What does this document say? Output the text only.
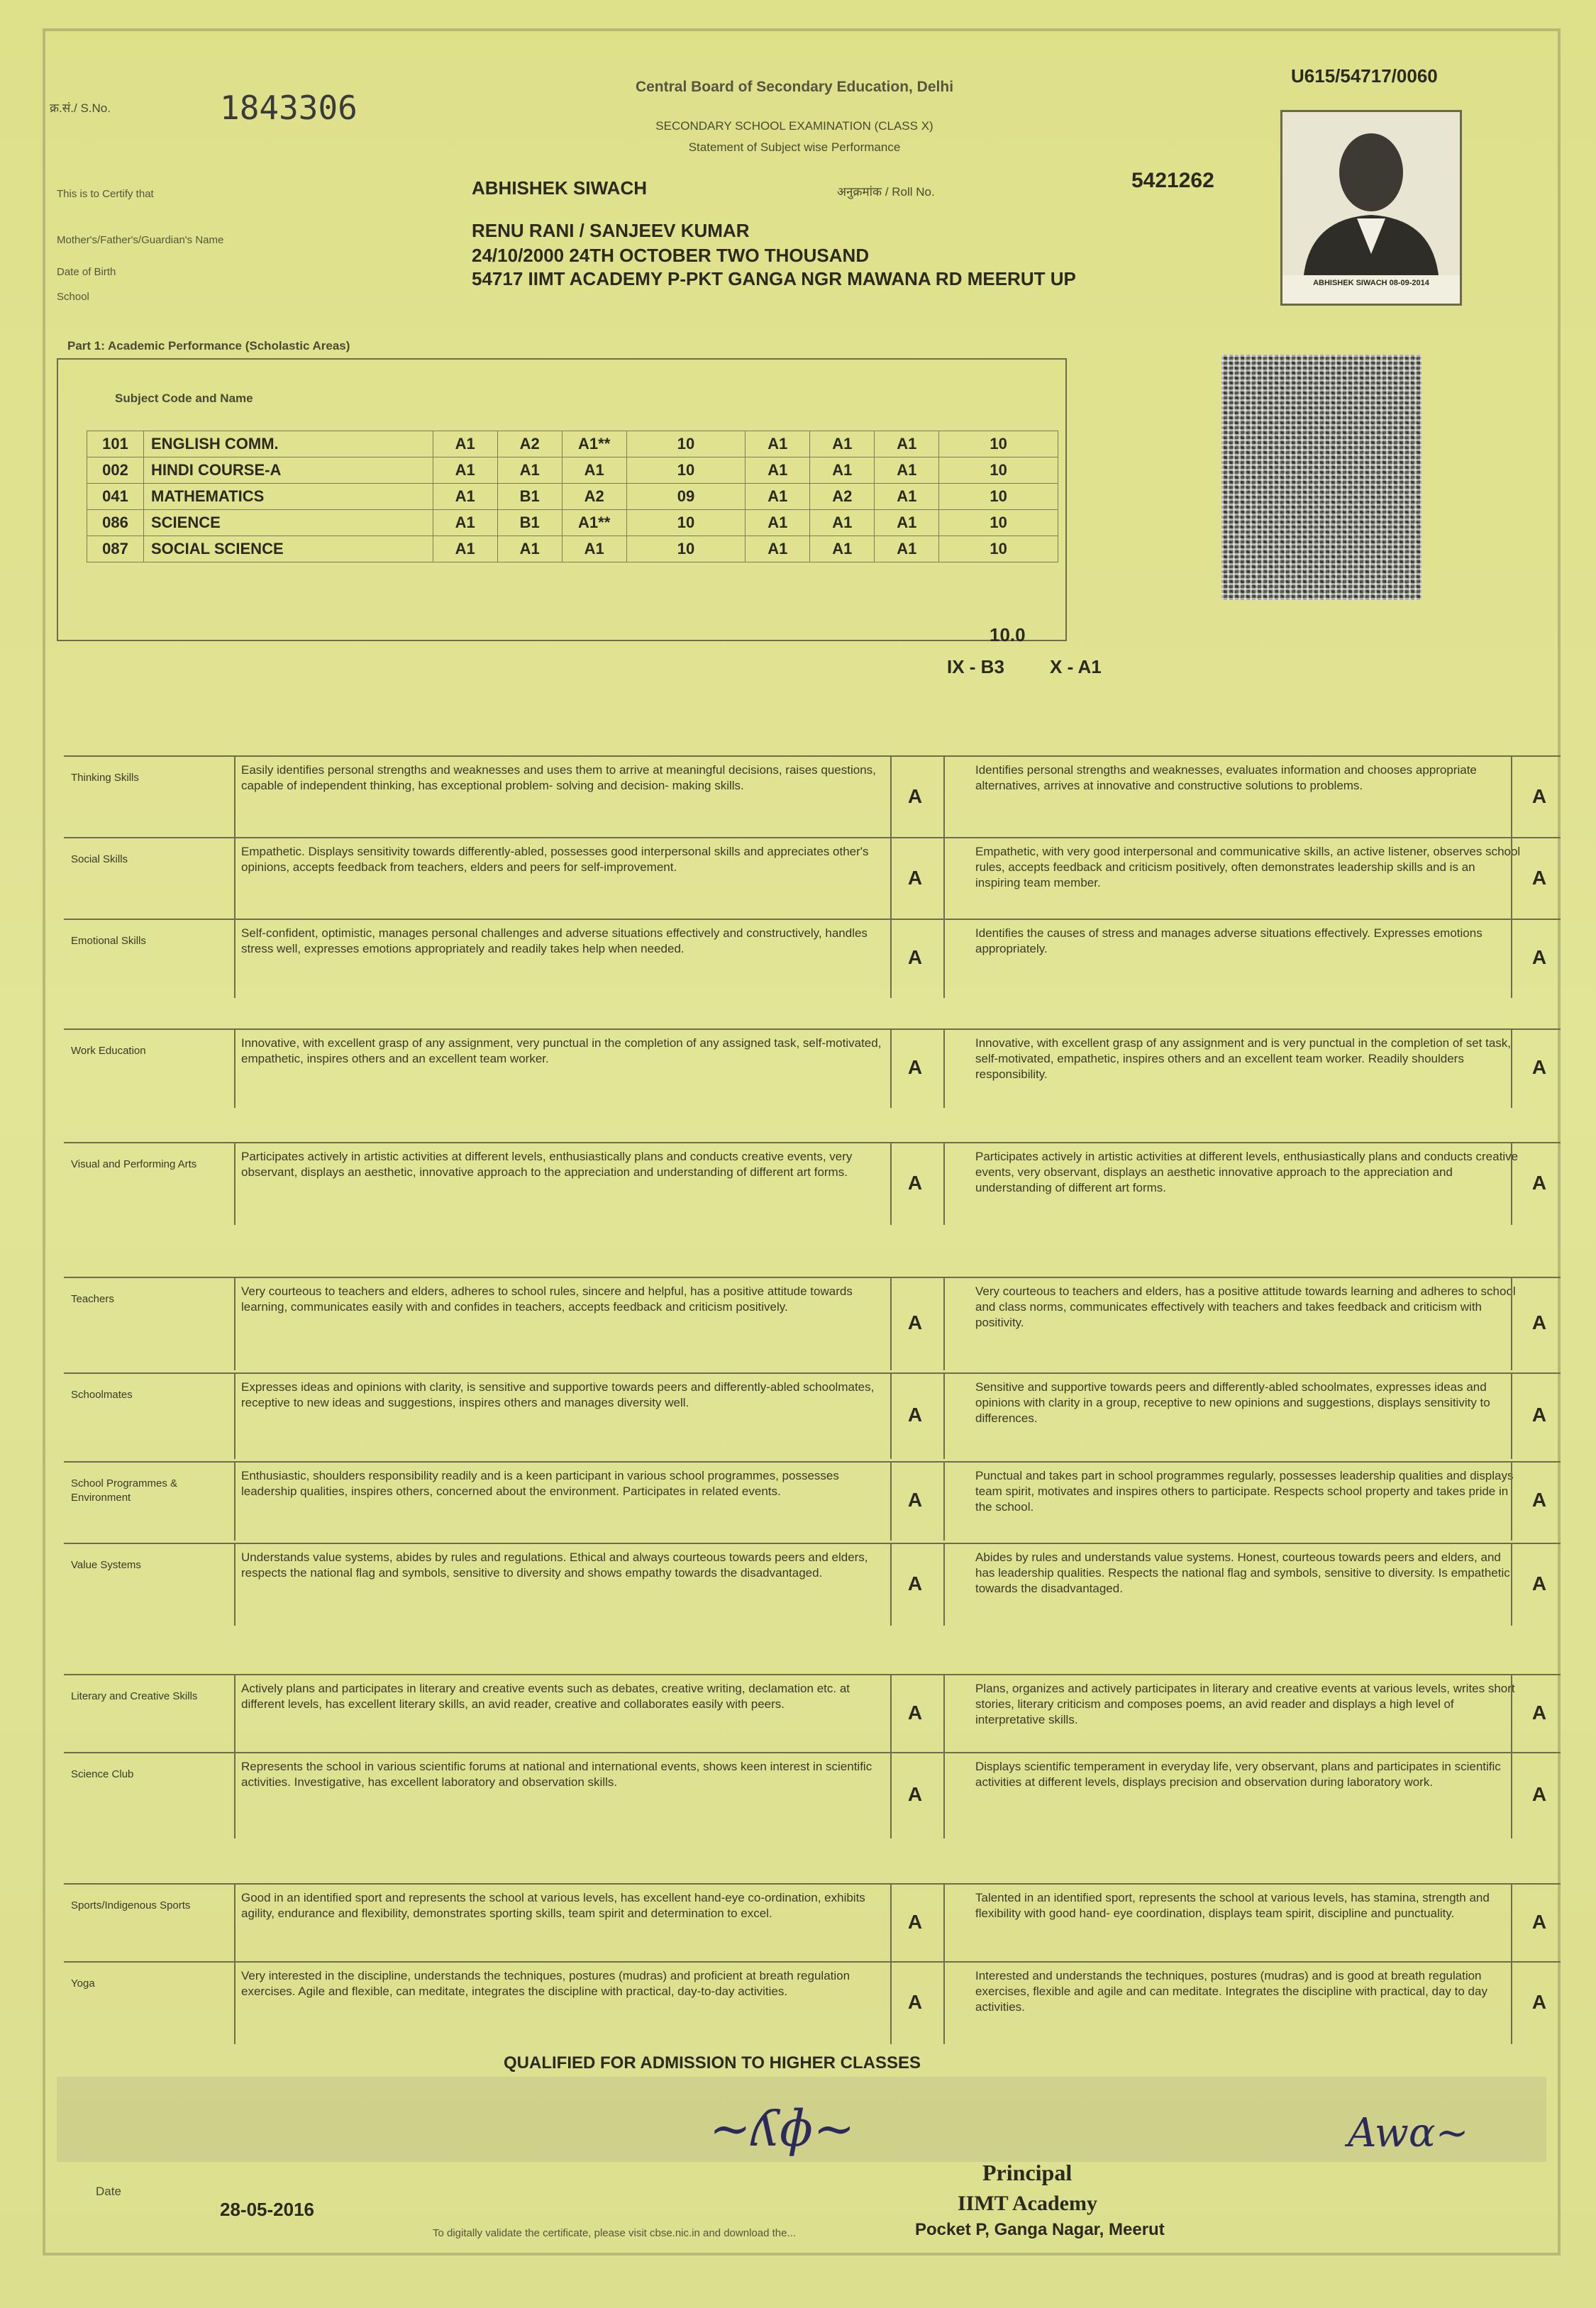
क्र.सं./ S.No.	1843306
Central Board of Secondary Education, Delhi
SECONDARY SCHOOL EXAMINATION (CLASS X)
Statement of Subject wise Performance
U615/54717/0060
This is to Certify that	ABHISHEK SIWACH	अनुक्रमांक / Roll No.	5421262
Mother's/Father's/Guardian's Name	RENU RANI / SANJEEV KUMAR
Date of Birth
24/10/2000 24TH OCTOBER TWO THOUSAND
School
54717 IIMT ACADEMY P-PKT GANGA NGR MAWANA RD MEERUT UP	ABHISHEK SIWACH 08-09-2014
Part 1: Academic Performance (Scholastic Areas)
Subject Code and Name
101	ENGLISH COMM.	A1	A2	A1**	10	A1	A1	A1	10
002	HINDI COURSE-A	A1	A1	A1	10	A1	A1	A1	10
041	MATHEMATICS	A1	B1	A2	09	A1	A2	A1	10
086	SCIENCE	A1	B1	A1**	10	A1	A1	A1	10
087	SOCIAL SCIENCE	A1	A1	A1	10	A1	A1	A1	10
10.0
IX - B3 X - A1
Thinking Skills
Easily identifies personal strengths and weaknesses and uses them to arrive at meaningful decisions, raises questions, capable of independent thinking, has exceptional problem- solving and decision- making skills.	A
Identifies personal strengths and weaknesses, evaluates information and chooses appropriate alternatives, arrives at innovative and constructive solutions to problems.	A
Social Skills
Empathetic. Displays sensitivity towards differently-abled, possesses good interpersonal skills and appreciates other's opinions, accepts feedback from teachers, elders and peers for self-improvement.	A
Empathetic, with very good interpersonal and communicative skills, an active listener, observes school rules, accepts feedback and criticism positively, often demonstrates leadership skills and is an inspiring team member.	A
Emotional Skills
Self-confident, optimistic, manages personal challenges and adverse situations effectively and constructively, handles stress well, expresses emotions appropriately and readily takes help when needed.	A
Identifies the causes of stress and manages adverse situations effectively. Expresses emotions appropriately.	A
Work Education
Innovative, with excellent grasp of any assignment, very punctual in the completion of any assigned task, self-motivated, empathetic, inspires others and an excellent team worker.	A
Innovative, with excellent grasp of any assignment and is very punctual in the completion of set task, self-motivated, empathetic, inspires others and an excellent team worker. Readily shoulders responsibility.	A
Visual and Performing Arts
Participates actively in artistic activities at different levels, enthusiastically plans and conducts creative events, very observant, displays an aesthetic, innovative approach to the appreciation and understanding of different art forms.	A
Participates actively in artistic activities at different levels, enthusiastically plans and conducts creative events, very observant, displays an aesthetic innovative approach to the appreciation and understanding of different art forms.	A
Teachers
Very courteous to teachers and elders, adheres to school rules, sincere and helpful, has a positive attitude towards learning, communicates easily with and confides in teachers, accepts feedback and criticism positively.
A
Very courteous to teachers and elders, has a positive attitude towards learning and adheres to school and class norms, communicates effectively with teachers and takes feedback and criticism with positivity.	A
Schoolmates
Expresses ideas and opinions with clarity, is sensitive and supportive towards peers and differently-abled schoolmates, receptive to new ideas and suggestions, inspires others and manages diversity well.
A
Sensitive and supportive towards peers and differently-abled schoolmates, expresses ideas and opinions with clarity in a group, receptive to new opinions and suggestions, displays sensitivity to differences.	A
School Programmes & Environment
Enthusiastic, shoulders responsibility readily and is a keen participant in various school programmes, possesses leadership qualities, inspires others, concerned about the environment. Participates in related events.	A
Punctual and takes part in school programmes regularly, possesses leadership qualities and displays team spirit, motivates and inspires others to participate. Respects school property and takes pride in the school.	A
Value Systems
Understands value systems, abides by rules and regulations. Ethical and always courteous towards peers and elders, respects the national flag and symbols, sensitive to diversity and shows empathy towards the disadvantaged.	A
Abides by rules and understands value systems. Honest, courteous towards peers and elders, and has leadership qualities. Respects the national flag and symbols, sensitive to diversity. Is empathetic towards the disadvantaged.	A
Literary and Creative Skills
Actively plans and participates in literary and creative events such as debates, creative writing, declamation etc. at different levels, has excellent literary skills, an avid reader, creative and collaborates easily with peers.	A
Plans, organizes and actively participates in literary and creative events at various levels, writes short stories, literary criticism and composes poems, an avid reader and displays a high level of interpretative skills.	A
Science Club
Represents the school in various scientific forums at national and international events, shows keen interest in scientific activities. Investigative, has excellent laboratory and observation skills.
A
Displays scientific temperament in everyday life, very observant, plans and participates in scientific activities at different levels, displays precision and observation during laboratory work.
A
Sports/Indigenous Sports
Good in an identified sport and represents the school at various levels, has excellent hand-eye co-ordination, exhibits agility, endurance and flexibility, demonstrates sporting skills, team spirit and determination to excel.	A
Talented in an identified sport, represents the school at various levels, has stamina, strength and flexibility with good hand- eye coordination, displays team spirit, discipline and punctuality.	A
Yoga
Very interested in the discipline, understands the techniques, postures (mudras) and proficient at breath regulation exercises. Agile and flexible, can meditate, integrates the discipline with practical, day-to-day activities.	A
Interested and understands the techniques, postures (mudras) and is good at breath regulation exercises, flexible and agile and can meditate. Integrates the discipline with practical, day to day activities.	A
QUALIFIED FOR ADMISSION TO HIGHER CLASSES
Date
28-05-2016
~ʎɸ~
Principal
IIMT Academy
Pocket P, Ganga Nagar, Meerut
Awɑ~
To digitally validate the certificate, please visit cbse.nic.in and download the...
